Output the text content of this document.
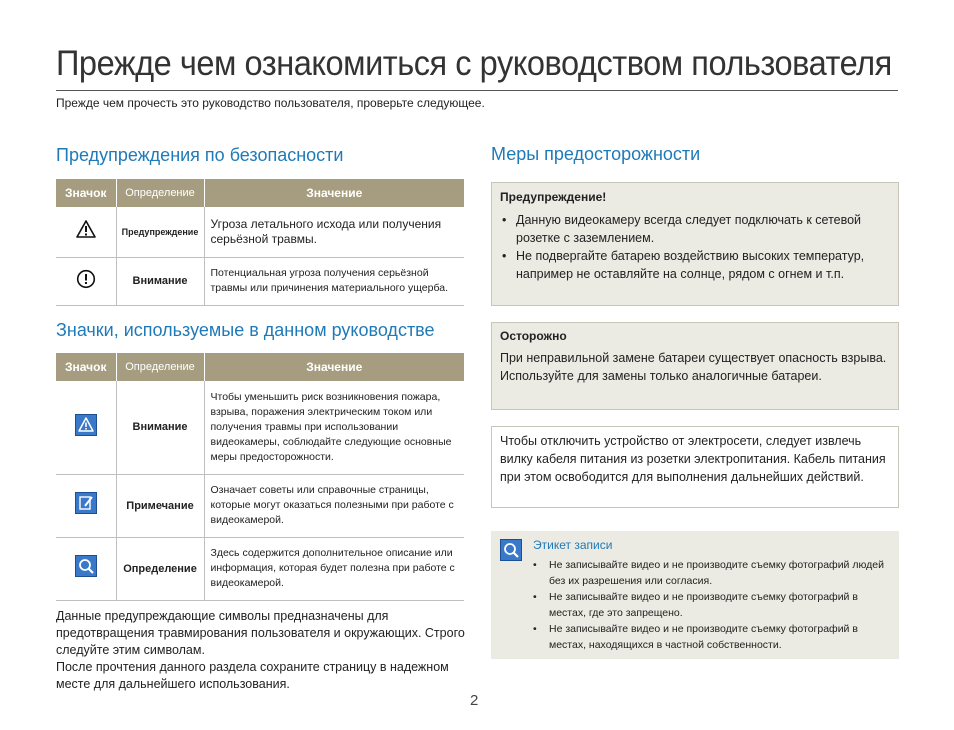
Прежде чем ознакомиться с руководством пользователя
Прежде чем прочесть это руководство пользователя, проверьте следующее.
Предупреждения по безопасности
Значок	Определение	Значение
	Предупреждение	Угроза летального исхода или получения серьёзной травмы.
	Внимание	Потенциальная угроза получения серьёзной травмы или причинения материального ущерба.
Значки, используемые в данном руководстве
Значок	Определение	Значение

	Внимание	Чтобы уменьшить риск возникновения пожара, взрыва, поражения электрическим током или получения травмы при использовании видеокамеры, соблюдайте следующие основные меры предосторожности.

	Примечание	Означает советы или справочные страницы, которые могут оказаться полезными при работе с видеокамерой.

	Определение	Здесь содержится дополнительное описание или информация, которая будет полезна при работе с видеокамерой.

Данные предупреждающие символы предназначены для предотвращения травмирования пользователя и окружающих. Строго следуйте этим символам.

После прочтения данного раздела сохраните страницу в надежном месте для дальнейшего использования.

Меры предосторожности
Предупреждение!
• Данную видеокамеру всегда следует подключать к сетевой розетке с заземлением.
• Не подвергайте батарею воздействию высоких температур, например не оставляйте на солнце, рядом с огнем и т.п.
Осторожно
При неправильной замене батареи существует опасность взрыва. Используйте для замены только аналогичные батареи.
Чтобы отключить устройство от электросети, следует извлечь вилку кабеля питания из розетки электропитания. Кабель питания при этом освободится для выполнения дальнейших действий.
Этикет записи
• Не записывайте видео и не производите съемку фотографий людей без их разрешения или согласия.
• Не записывайте видео и не производите съемку фотографий в местах, где это запрещено.
• Не записывайте видео и не производите съемку фотографий в местах, находящихся в частной собственности.
2
